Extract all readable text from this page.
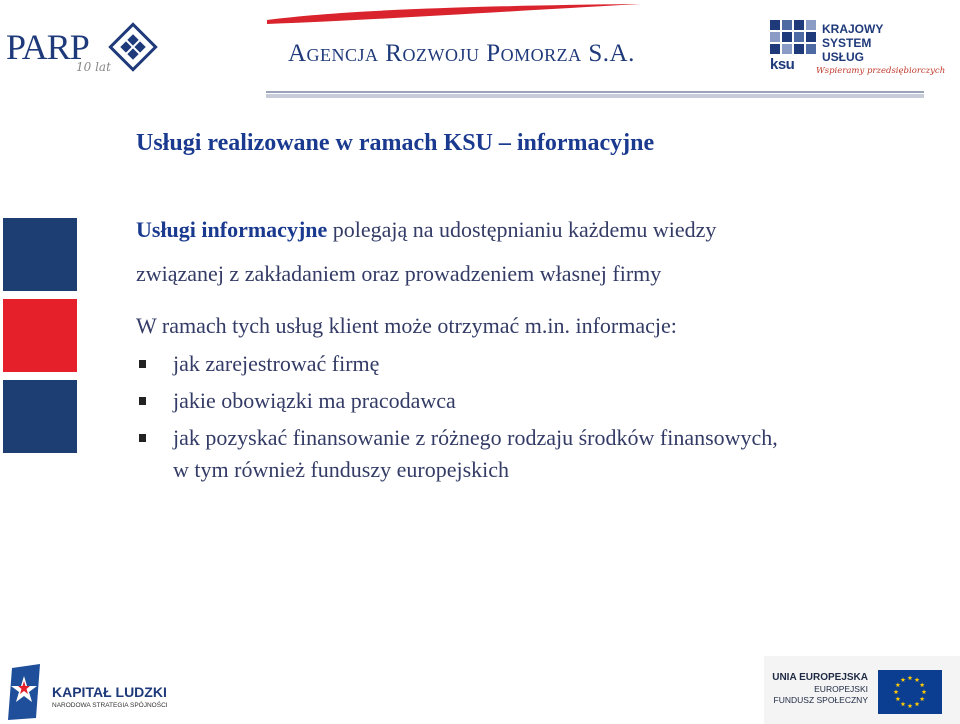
PARP
10 lat	Agencja Rozwoju Pomorza S.A.
KRAJOWY
SYSTEM
USŁUG
ksu	Wspieramy przedsiębiorczych
Usługi realizowane w ramach KSU – informacyjne

Usługi informacyjne polegają na udostępnianiu każdemu wiedzy

związanej z zakładaniem oraz prowadzeniem własnej firmy

W ramach tych usług klient może otrzymać m.in. informacje:

jak zarejestrować firmę
jakie obowiązki ma pracodawca
jak pozyskać finansowanie z różnego rodzaju środków finansowych,
w tym również funduszy europejskich
KAPITAŁ LUDZKI
NARODOWA STRATEGIA SPÓJNOŚCI
UNIA EUROPEJSKA
EUROPEJSKI
FUNDUSZ SPOŁECZNY
